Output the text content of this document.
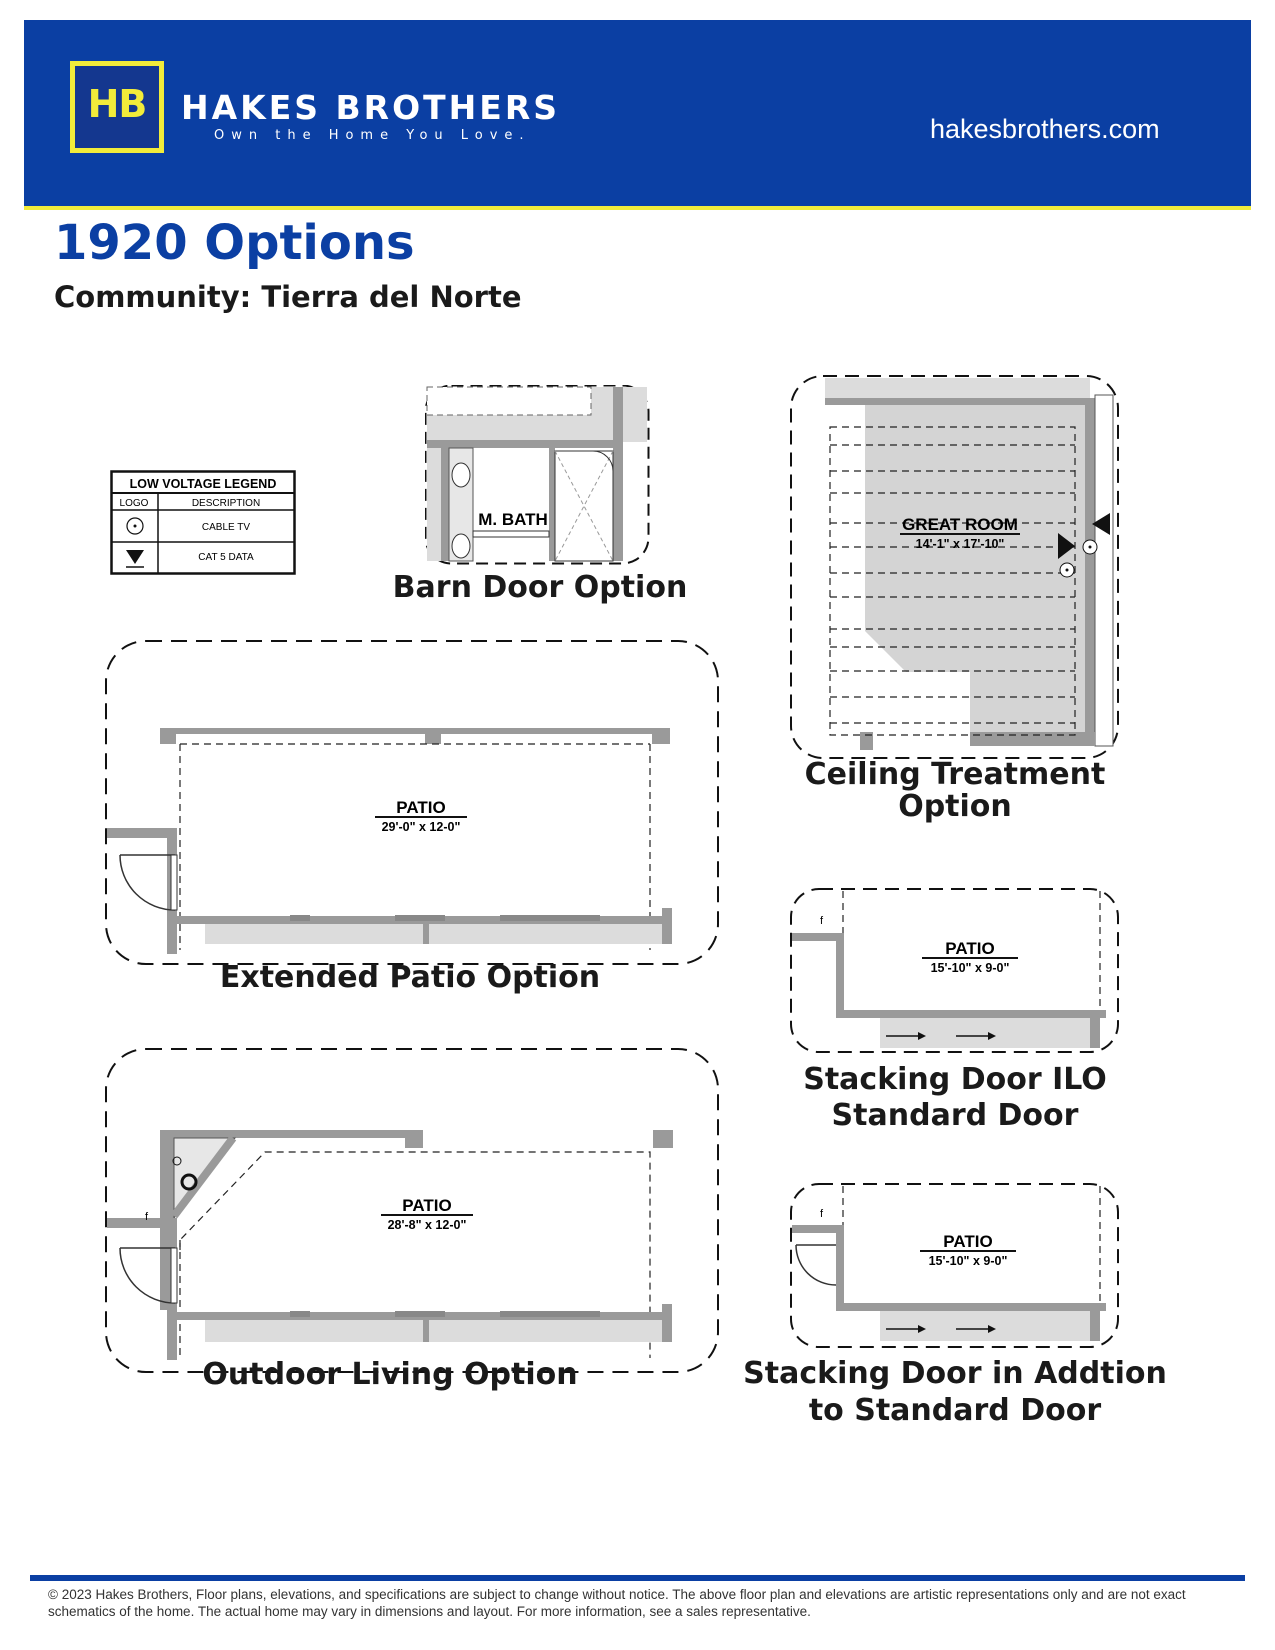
HB	HAKES BROTHERS
Own the Home You Love.	hakesbrothers.com
1920 Options
Community: Tierra del Norte
LOW VOLTAGE LEGEND
LOGO	DESCRIPTION
CABLE TV
CAT 5 DATA
M. BATH
Barn Door Option
GREAT ROOM
14'-1" x 17'-10"
Ceiling Treatment
Option
PATIO
29'-0" x 12-0"
Extended Patio Option
f
PATIO
15'-10" x 9-0"
Stacking Door ILO
Standard Door
f
PATIO
28'-8" x 12-0"
Outdoor Living Option
f
PATIO
15'-10" x 9-0"
Stacking Door in Addtion
to Standard Door
© 2023 Hakes Brothers, Floor plans, elevations, and specifications are subject to change without notice. The above floor plan and elevations are artistic representations only and are not exact schematics of the home. The actual home may vary in dimensions and layout. For more information, see a sales representative.
